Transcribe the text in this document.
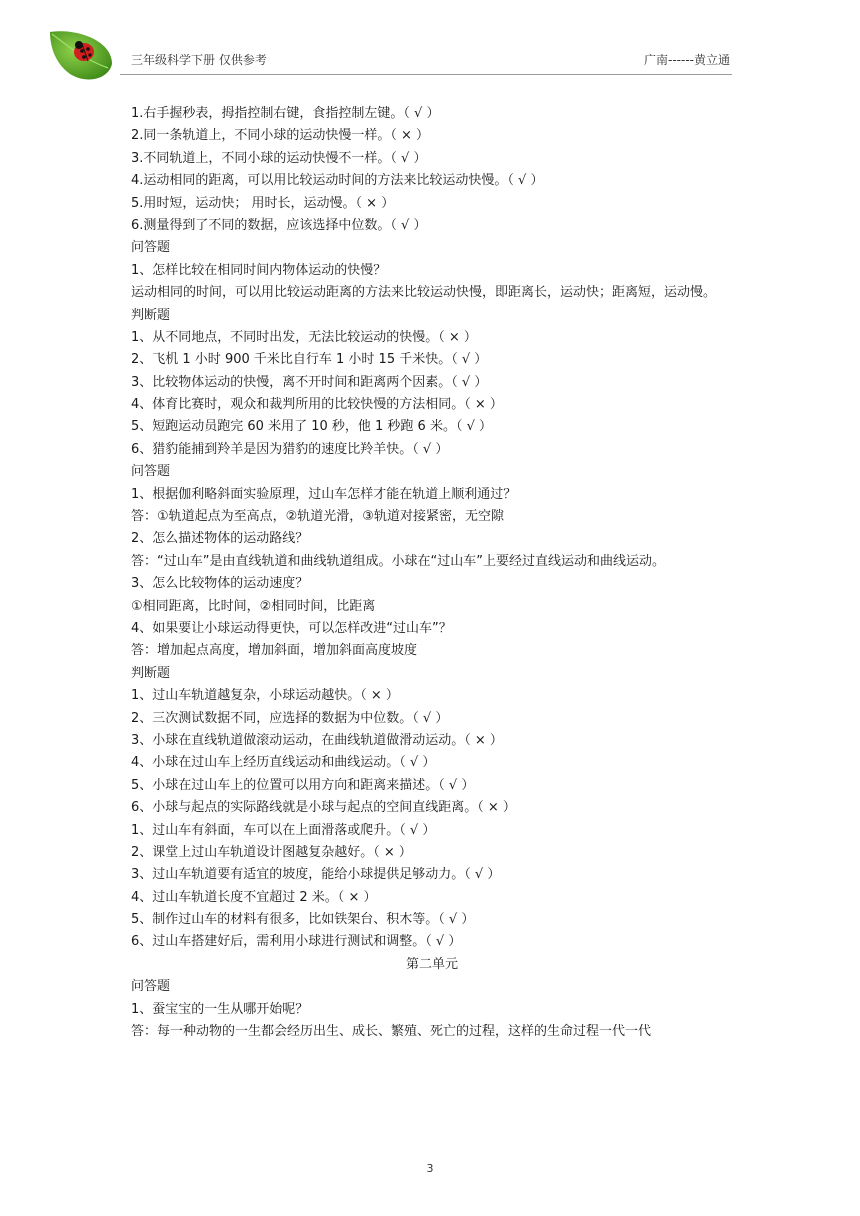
三年级科学下册 仅供参考	广南------黄立通
1.右手握秒表，拇指控制右键，食指控制左键。（ √ ）
2.同一条轨道上，不同小球的运动快慢一样。（ × ）
3.不同轨道上，不同小球的运动快慢不一样。（ √ ）
4.运动相同的距离，可以用比较运动时间的方法来比较运动快慢。（ √ ）
5.用时短，运动快； 用时长，运动慢。（ × ）
6.测量得到了不同的数据，应该选择中位数。（ √ ）
问答题
1、怎样比较在相同时间内物体运动的快慢？
运动相同的时间，可以用比较运动距离的方法来比较运动快慢，即距离长，运动快；距离短，运动慢。
判断题
1、从不同地点，不同时出发，无法比较运动的快慢。（ × ）
2、飞机 1 小时 900 千米比自行车 1 小时 15 千米快。（ √ ）
3、比较物体运动的快慢，离不开时间和距离两个因素。（ √ ）
4、体育比赛时，观众和裁判所用的比较快慢的方法相同。（ × ）
5、短跑运动员跑完 60 米用了 10 秒，他 1 秒跑 6 米。（ √ ）
6、猎豹能捕到羚羊是因为猎豹的速度比羚羊快。（ √ ）
问答题
1、根据伽利略斜面实验原理，过山车怎样才能在轨道上顺利通过？
答：①轨道起点为至高点，②轨道光滑，③轨道对接紧密，无空隙
2、怎么描述物体的运动路线？
答：“过山车”是由直线轨道和曲线轨道组成。小球在“过山车”上要经过直线运动和曲线运动。
3、怎么比较物体的运动速度？
①相同距离，比时间，②相同时间，比距离
4、如果要让小球运动得更快，可以怎样改进“过山车”？
答：增加起点高度，增加斜面，增加斜面高度坡度
判断题
1、过山车轨道越复杂，小球运动越快。（ × ）
2、三次测试数据不同，应选择的数据为中位数。（ √ ）
3、小球在直线轨道做滚动运动，在曲线轨道做滑动运动。（ × ）
4、小球在过山车上经历直线运动和曲线运动。（ √ ）
5、小球在过山车上的位置可以用方向和距离来描述。（ √ ）
6、小球与起点的实际路线就是小球与起点的空间直线距离。（ × ）
1、过山车有斜面，车可以在上面滑落或爬升。（ √ ）
2、课堂上过山车轨道设计图越复杂越好。（ × ）
3、过山车轨道要有适宜的坡度，能给小球提供足够动力。（ √ ）
4、过山车轨道长度不宜超过 2 米。（ × ）
5、制作过山车的材料有很多，比如铁架台、积木等。（ √ ）
6、过山车搭建好后，需利用小球进行测试和调整。（ √ ）
第二单元
问答题
1、蚕宝宝的一生从哪开始呢？
答：每一种动物的一生都会经历出生、成长、繁殖、死亡的过程，这样的生命过程一代一代
3
